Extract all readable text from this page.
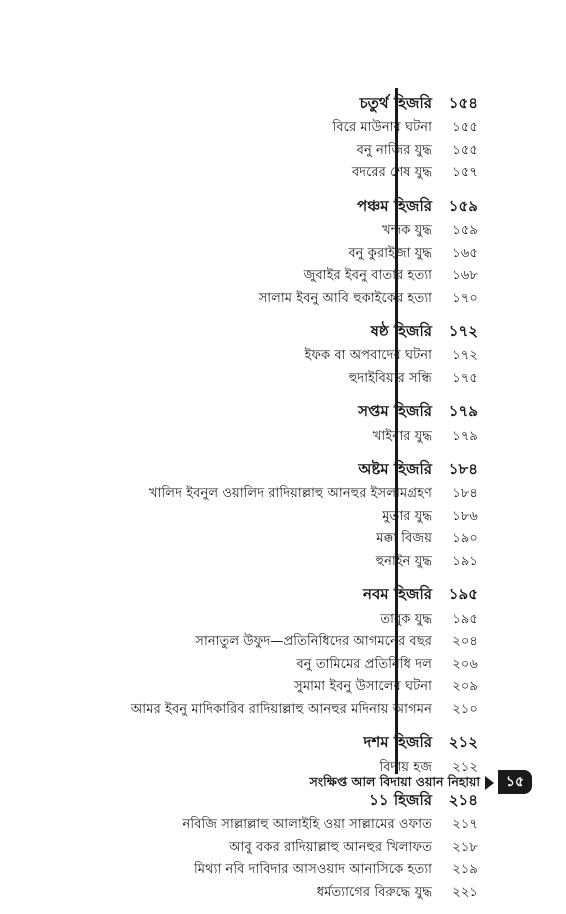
চতুর্থ হিজরি	১৫৪
বিরে মাউনার ঘটনা	১৫৫
বনু নাজির যুদ্ধ	১৫৫
বদরের শেষ যুদ্ধ	১৫৭
পঞ্চম হিজরি	১৫৯
খন্দক যুদ্ধ	১৫৯
বনু কুরাইজা যুদ্ধ	১৬৫
জুবাইর ইবনু বাতার হত্যা	১৬৮
সালাম ইবনু আবি হুকাইকের হত্যা	১৭০
ষষ্ঠ হিজরি	১৭২
ইফক বা অপবাদের ঘটনা	১৭২
হুদাইবিয়ার সন্ধি	১৭৫
সপ্তম হিজরি	১৭৯
খাইবার যুদ্ধ	১৭৯
অষ্টম হিজরি	১৮৪
খালিদ ইবনুল ওয়ালিদ রাদিয়াল্লাহু আনহুর ইসলামগ্রহণ	১৮৪
মুতার যুদ্ধ	১৮৬
মক্কা বিজয়	১৯০
হুনাইন যুদ্ধ	১৯১
নবম হিজরি	১৯৫
তাবুক যুদ্ধ	১৯৫
সানাতুল উফুদ—প্রতিনিধিদের আগমনের বছর	২০৪
বনু তামিমের প্রতিনিধি দল	২০৬
সুমামা ইবনু উসালের ঘটনা	২০৯
আমর ইবনু মাদিকারিব রাদিয়াল্লাহু আনহুর মদিনায় আগমন	২১০
দশম হিজরি	২১২
বিদায় হজ	২১২
১১ হিজরি	২১৪
নবিজি সাল্লাল্লাহু আলাইহি ওয়া সাল্লামের ওফাত	২১৭
আবু বকর রাদিয়াল্লাহু আনহুর খিলাফত	২১৮
মিথ্যা নবি দাবিদার আসওয়াদ আনাসিকে হত্যা	২১৯
ধর্মত্যাগের বিরুদ্ধে যুদ্ধ	২২১
সংক্ষিপ্ত আল বিদায়া ওয়ান নিহায়া	১৫
